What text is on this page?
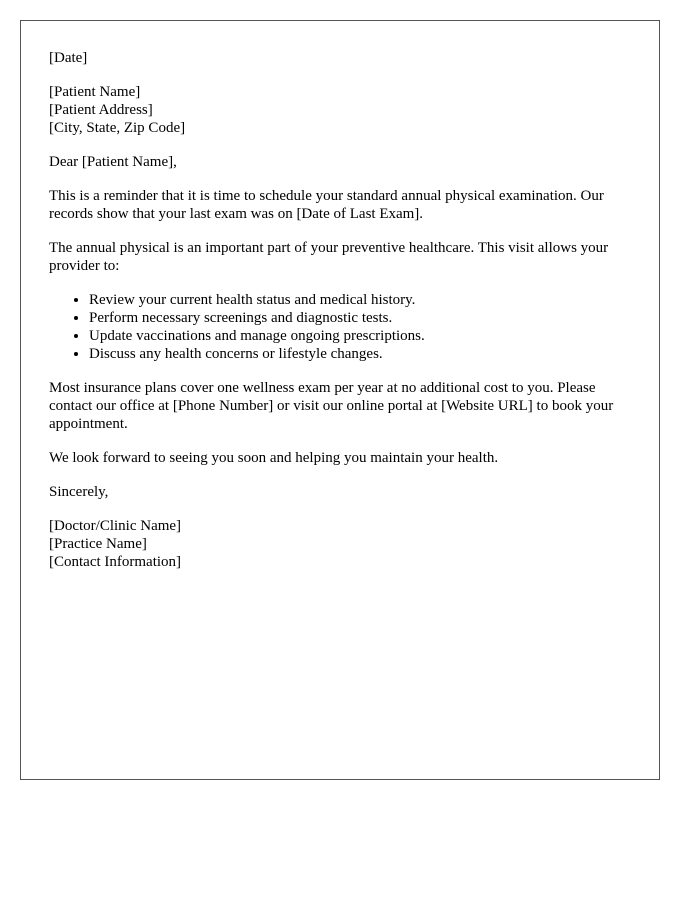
[Date]
[Patient Name]
[Patient Address]
[City, State, Zip Code]
Dear [Patient Name],

This is a reminder that it is time to schedule your standard annual physical examination. Our records show that your last exam was on [Date of Last Exam].

The annual physical is an important part of your preventive healthcare. This visit allows your provider to:

• Review your current health status and medical history.
• Perform necessary screenings and diagnostic tests.
• Update vaccinations and manage ongoing prescriptions.
• Discuss any health concerns or lifestyle changes.

Most insurance plans cover one wellness exam per year at no additional cost to you. Please contact our office at [Phone Number] or visit our online portal at [Website URL] to book your appointment.

We look forward to seeing you soon and helping you maintain your health.

Sincerely,
[Doctor/Clinic Name]
[Practice Name]
[Contact Information]
